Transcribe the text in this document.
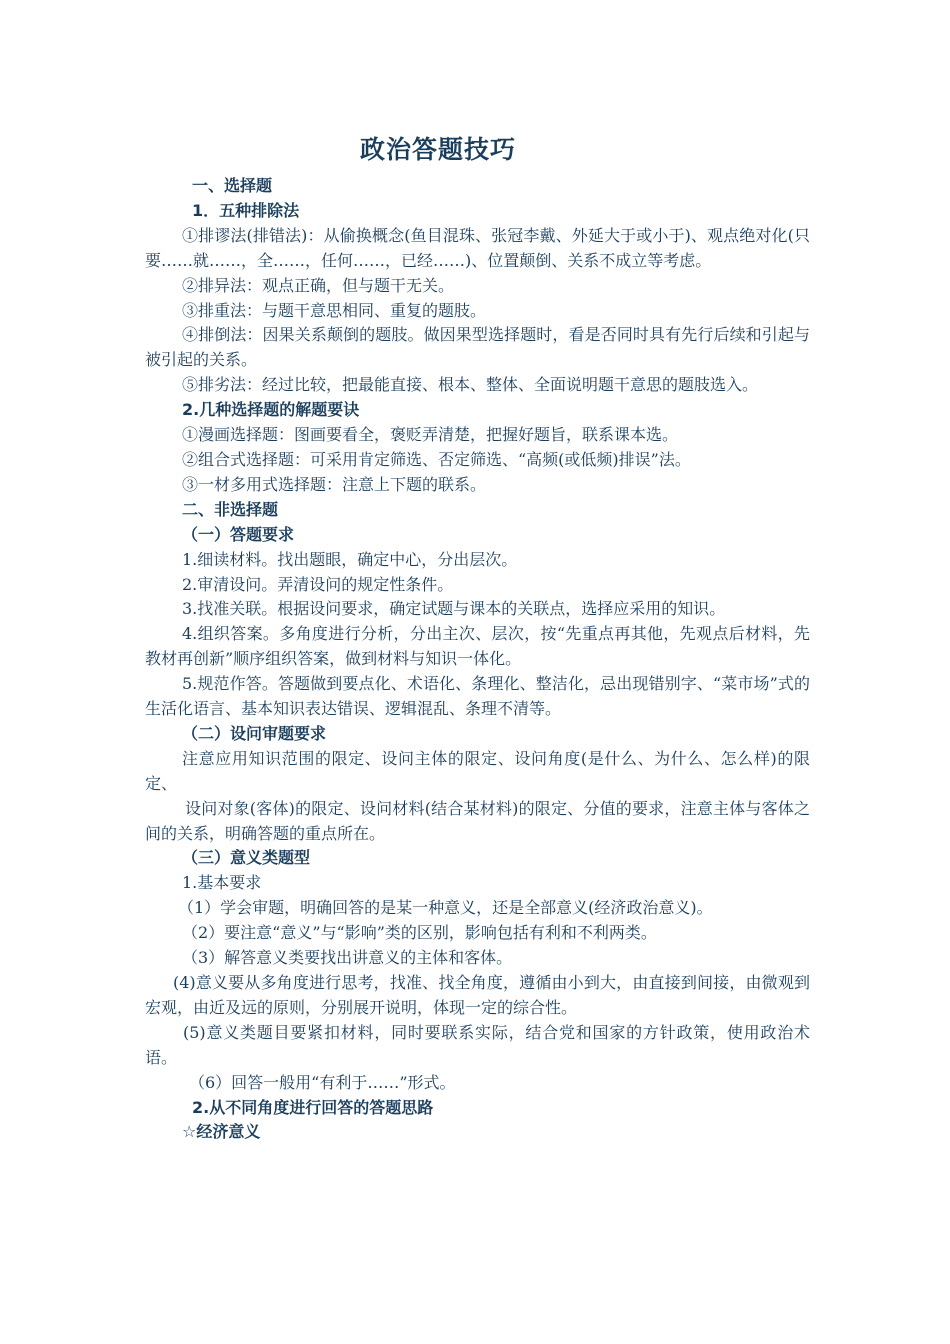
政治答题技巧

一、选择题

1．五种排除法

①排谬法(排错法)：从偷换概念(鱼目混珠、张冠李戴、外延大于或小于)、观点绝对化(只要……就……，全……，任何……，已经……)、位置颠倒、关系不成立等考虑。

②排异法：观点正确，但与题干无关。

③排重法：与题干意思相同、重复的题肢。

④排倒法：因果关系颠倒的题肢。做因果型选择题时，看是否同时具有先行后续和引起与被引起的关系。

⑤排劣法：经过比较，把最能直接、根本、整体、全面说明题干意思的题肢选入。

2.几种选择题的解题要诀

①漫画选择题：图画要看全，褒贬弄清楚，把握好题旨，联系课本选。

②组合式选择题：可采用肯定筛选、否定筛选、“高频(或低频)排误”法。

③一材多用式选择题：注意上下题的联系。

二、非选择题

（一）答题要求

1.细读材料。找出题眼，确定中心，分出层次。

2.审清设问。弄清设问的规定性条件。

3.找准关联。根据设问要求，确定试题与课本的关联点，选择应采用的知识。

4.组织答案。多角度进行分析，分出主次、层次，按“先重点再其他，先观点后材料，先教材再创新”顺序组织答案，做到材料与知识一体化。

5.规范作答。答题做到要点化、术语化、条理化、整洁化，忌出现错别字、“菜市场”式的生活化语言、基本知识表达错误、逻辑混乱、条理不清等。

（二）设问审题要求

注意应用知识范围的限定、设问主体的限定、设问角度(是什么、为什么、怎么样)的限定、

设问对象(客体)的限定、设问材料(结合某材料)的限定、分值的要求，注意主体与客体之间的关系，明确答题的重点所在。

（三）意义类题型

1.基本要求

（1）学会审题，明确回答的是某一种意义，还是全部意义(经济政治意义)。

（2）要注意“意义”与“影响”类的区别，影响包括有利和不利两类。

（3）解答意义类要找出讲意义的主体和客体。

(4)意义要从多角度进行思考，找准、找全角度，遵循由小到大，由直接到间接，由微观到宏观，由近及远的原则，分别展开说明，体现一定的综合性。

(5)意义类题目要紧扣材料，同时要联系实际，结合党和国家的方针政策，使用政治术语。

（6）回答一般用“有利于……”形式。

2.从不同角度进行回答的答题思路

☆经济意义
